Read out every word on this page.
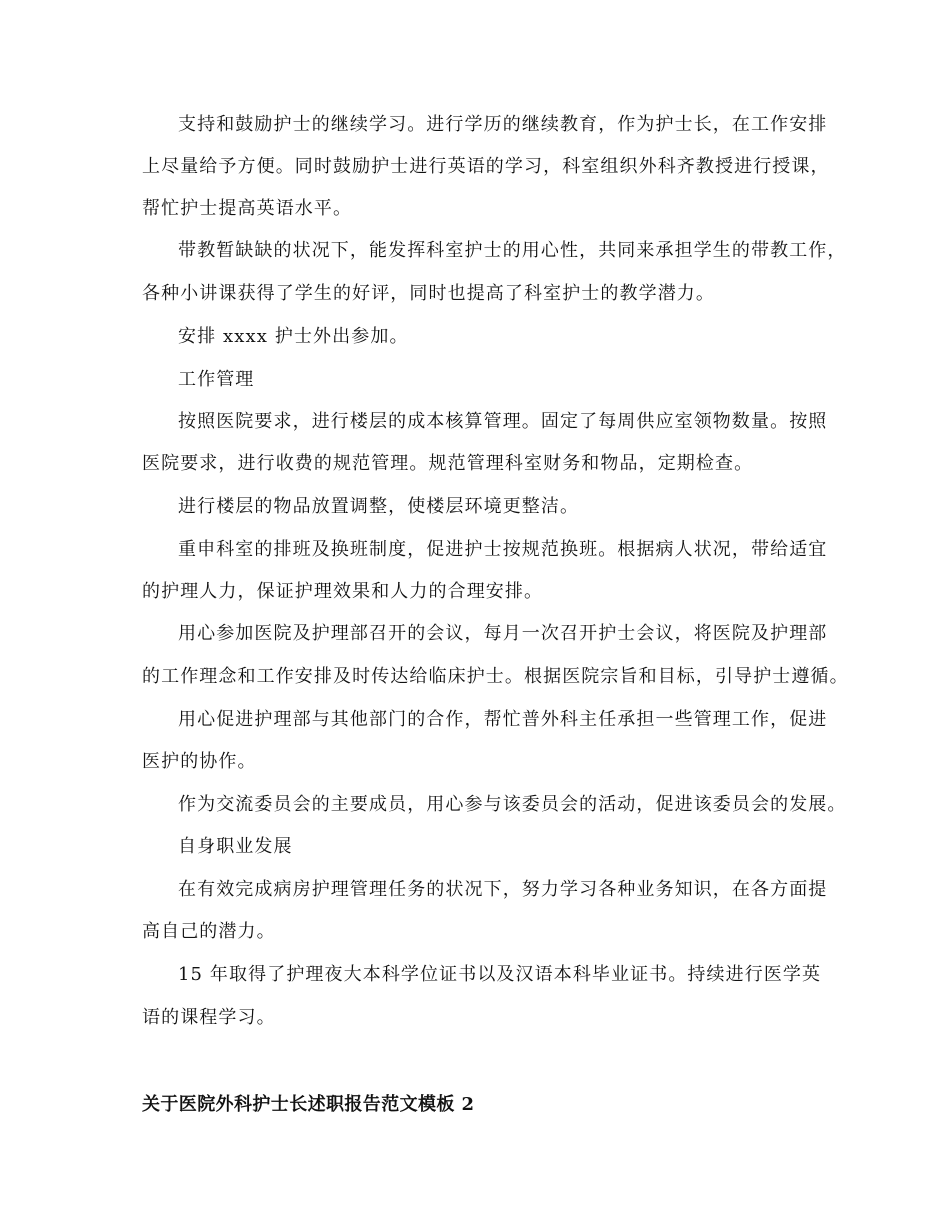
支持和鼓励护士的继续学习。进行学历的继续教育，作为护士长，在工作安排
上尽量给予方便。同时鼓励护士进行英语的学习，科室组织外科齐教授进行授课，
帮忙护士提高英语水平。
带教暂缺缺的状况下，能发挥科室护士的用心性，共同来承担学生的带教工作，
各种小讲课获得了学生的好评，同时也提高了科室护士的教学潜力。
安排 xxxx 护士外出参加。
工作管理
按照医院要求，进行楼层的成本核算管理。固定了每周供应室领物数量。按照
医院要求，进行收费的规范管理。规范管理科室财务和物品，定期检查。
进行楼层的物品放置调整，使楼层环境更整洁。
重申科室的排班及换班制度，促进护士按规范换班。根据病人状况，带给适宜
的护理人力，保证护理效果和人力的合理安排。
用心参加医院及护理部召开的会议，每月一次召开护士会议，将医院及护理部
的工作理念和工作安排及时传达给临床护士。根据医院宗旨和目标，引导护士遵循。
用心促进护理部与其他部门的合作，帮忙普外科主任承担一些管理工作，促进
医护的协作。
作为交流委员会的主要成员，用心参与该委员会的活动，促进该委员会的发展。
自身职业发展
在有效完成病房护理管理任务的状况下，努力学习各种业务知识，在各方面提
高自己的潜力。
15 年取得了护理夜大本科学位证书以及汉语本科毕业证书。持续进行医学英
语的课程学习。
关于医院外科护士长述职报告范文模板 2
